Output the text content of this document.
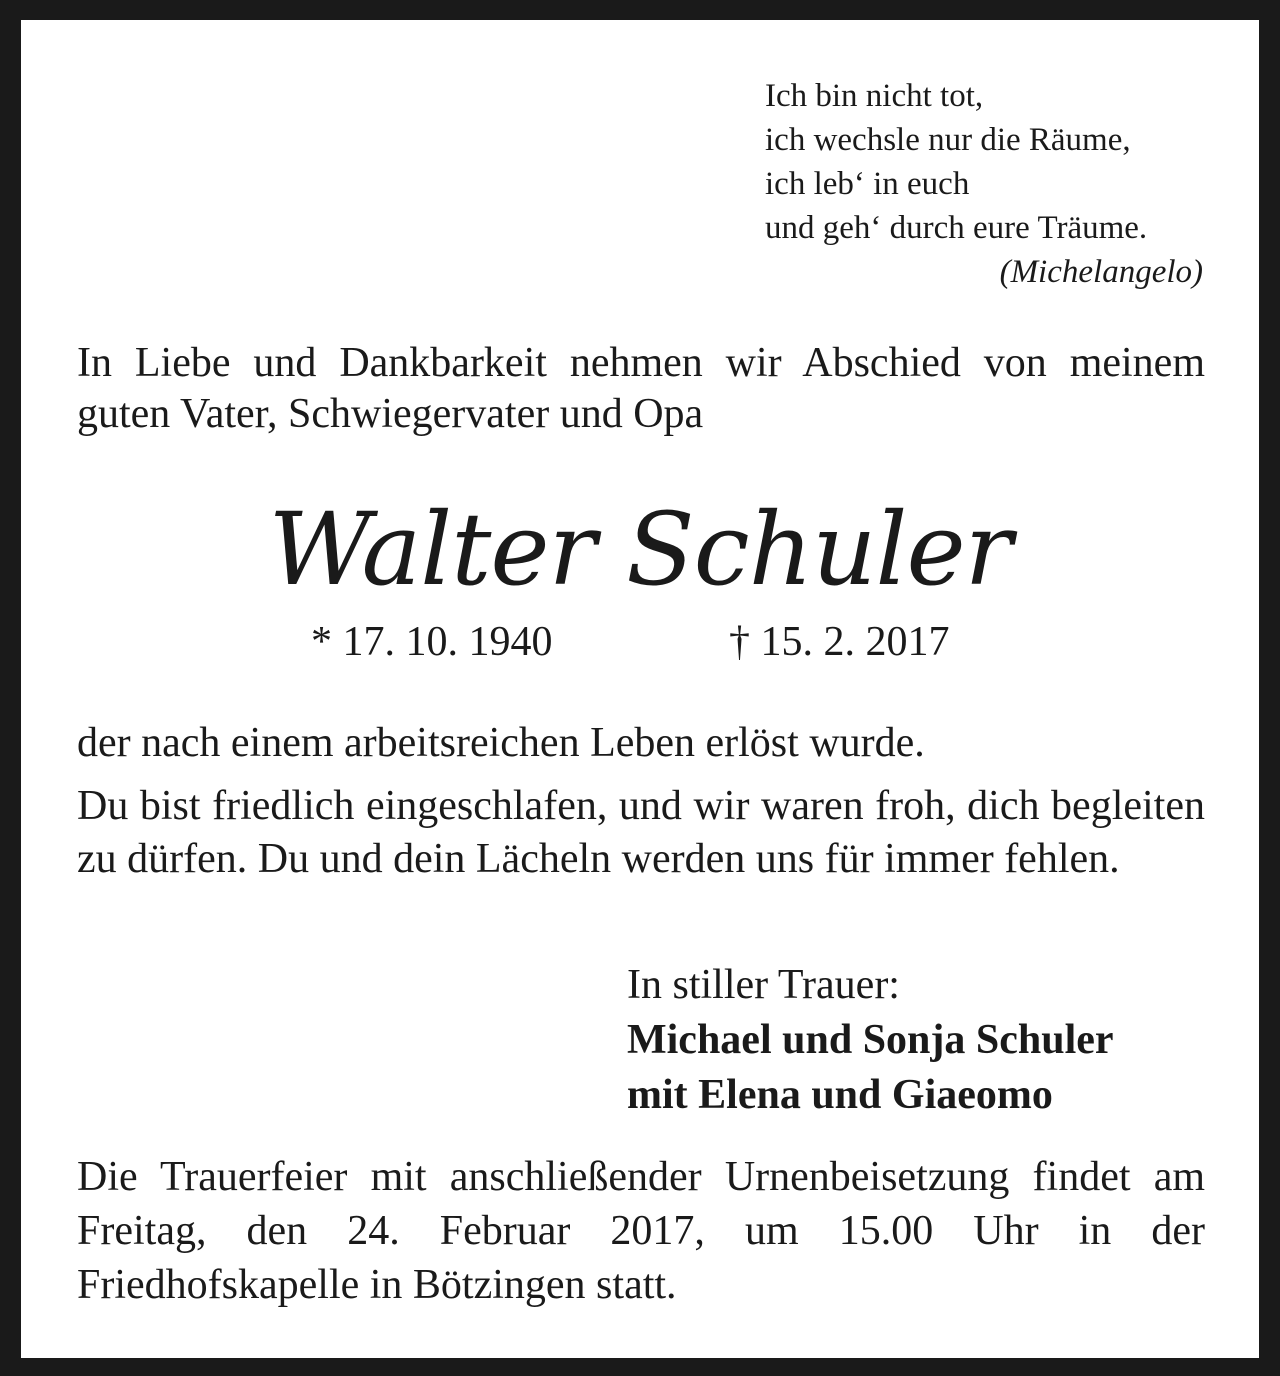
Ich bin nicht tot,
ich wechsle nur die Räume,
ich leb‘ in euch
und geh‘ durch eure Träume.
(Michelangelo)
In Liebe und Dankbarkeit nehmen wir Abschied von meinem
guten Vater, Schwiegervater und Opa
Walter Schuler
* 17. 10. 1940	† 15. 2. 2017
der nach einem arbeitsreichen Leben erlöst wurde.
Du bist friedlich eingeschlafen, und wir waren froh, dich begleiten zu dürfen. Du und dein Lächeln werden uns für immer fehlen.
In stiller Trauer:
Michael und Sonja Schuler
mit Elena und Giaeomo
Die Trauerfeier mit anschließender Urnenbeisetzung findet am Freitag, den 24. Februar 2017, um 15.00 Uhr in der Friedhofskapelle in Bötzingen statt.
